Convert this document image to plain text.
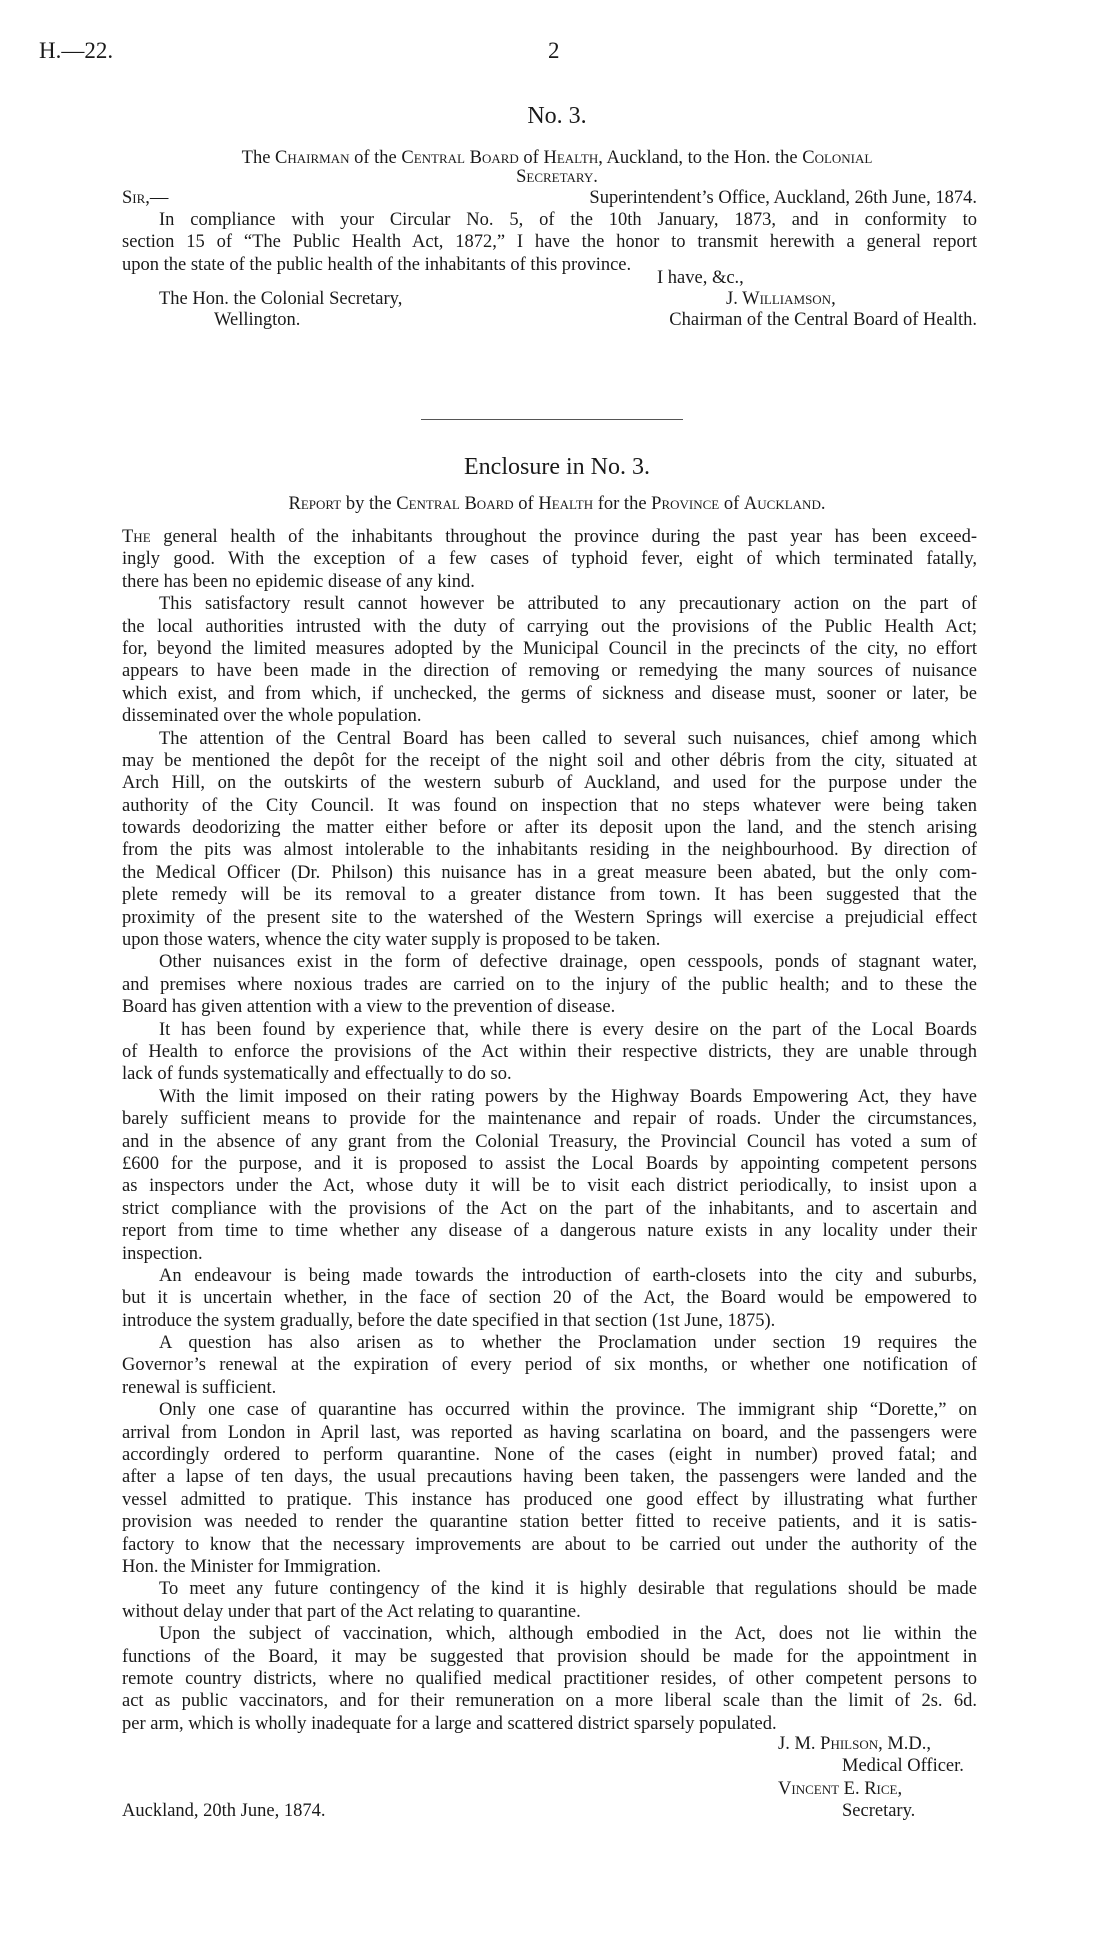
H.—22.	2
No. 3.
The Chairman of the Central Board of Health, Auckland, to the Hon. the Colonial
Secretary.
Sir,—	Superintendent’s Office, Auckland, 26th June, 1874.
In compliance with your Circular No. 5, of the 10th January, 1873, and in conformity to
section 15 of “The Public Health Act, 1872,” I have the honor to transmit herewith a general report
upon the state of the public health of the inhabitants of this province.
I have, &c.,
The Hon. the Colonial Secretary,
Wellington.
J. Williamson,
Chairman of the Central Board of Health.
Enclosure in No. 3.
Report by the Central Board of Health for the Province of Auckland.
The general health of the inhabitants throughout the province during the past year has been exceed-
ingly good. With the exception of a few cases of typhoid fever, eight of which terminated fatally,
there has been no epidemic disease of any kind.
This satisfactory result cannot however be attributed to any precautionary action on the part of
the local authorities intrusted with the duty of carrying out the provisions of the Public Health Act;
for, beyond the limited measures adopted by the Municipal Council in the precincts of the city, no effort
appears to have been made in the direction of removing or remedying the many sources of nuisance
which exist, and from which, if unchecked, the germs of sickness and disease must, sooner or later, be
disseminated over the whole population.
The attention of the Central Board has been called to several such nuisances, chief among which
may be mentioned the depôt for the receipt of the night soil and other débris from the city, situated at
Arch Hill, on the outskirts of the western suburb of Auckland, and used for the purpose under the
authority of the City Council. It was found on inspection that no steps whatever were being taken
towards deodorizing the matter either before or after its deposit upon the land, and the stench arising
from the pits was almost intolerable to the inhabitants residing in the neighbourhood. By direction of
the Medical Officer (Dr. Philson) this nuisance has in a great measure been abated, but the only com-
plete remedy will be its removal to a greater distance from town. It has been suggested that the
proximity of the present site to the watershed of the Western Springs will exercise a prejudicial effect
upon those waters, whence the city water supply is proposed to be taken.
Other nuisances exist in the form of defective drainage, open cesspools, ponds of stagnant water,
and premises where noxious trades are carried on to the injury of the public health; and to these the
Board has given attention with a view to the prevention of disease.
It has been found by experience that, while there is every desire on the part of the Local Boards
of Health to enforce the provisions of the Act within their respective districts, they are unable through
lack of funds systematically and effectually to do so.
With the limit imposed on their rating powers by the Highway Boards Empowering Act, they have
barely sufficient means to provide for the maintenance and repair of roads. Under the circumstances,
and in the absence of any grant from the Colonial Treasury, the Provincial Council has voted a sum of
£600 for the purpose, and it is proposed to assist the Local Boards by appointing competent persons
as inspectors under the Act, whose duty it will be to visit each district periodically, to insist upon a
strict compliance with the provisions of the Act on the part of the inhabitants, and to ascertain and
report from time to time whether any disease of a dangerous nature exists in any locality under their
inspection.
An endeavour is being made towards the introduction of earth-closets into the city and suburbs,
but it is uncertain whether, in the face of section 20 of the Act, the Board would be empowered to
introduce the system gradually, before the date specified in that section (1st June, 1875).
A question has also arisen as to whether the Proclamation under section 19 requires the
Governor’s renewal at the expiration of every period of six months, or whether one notification of
renewal is sufficient.
Only one case of quarantine has occurred within the province. The immigrant ship “Dorette,” on
arrival from London in April last, was reported as having scarlatina on board, and the passengers were
accordingly ordered to perform quarantine. None of the cases (eight in number) proved fatal; and
after a lapse of ten days, the usual precautions having been taken, the passengers were landed and the
vessel admitted to pratique. This instance has produced one good effect by illustrating what further
provision was needed to render the quarantine station better fitted to receive patients, and it is satis-
factory to know that the necessary improvements are about to be carried out under the authority of the
Hon. the Minister for Immigration.
To meet any future contingency of the kind it is highly desirable that regulations should be made
without delay under that part of the Act relating to quarantine.
Upon the subject of vaccination, which, although embodied in the Act, does not lie within the
functions of the Board, it may be suggested that provision should be made for the appointment in
remote country districts, where no qualified medical practitioner resides, of other competent persons to
act as public vaccinators, and for their remuneration on a more liberal scale than the limit of 2s. 6d.
per arm, which is wholly inadequate for a large and scattered district sparsely populated.
J. M. Philson, M.D.,
Medical Officer.
Vincent E. Rice,
Secretary.
Auckland, 20th June, 1874.
